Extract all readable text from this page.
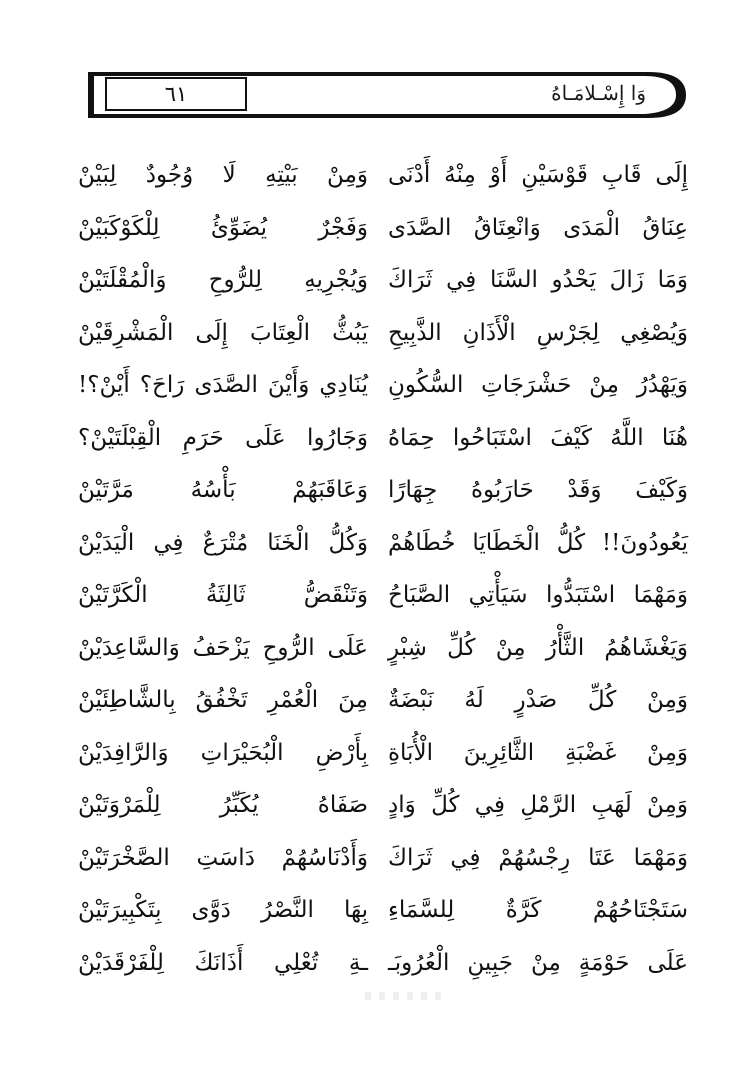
وَا إِسْـلامَـاهُ
٦١
إِلَى قَابِ قَوْسَيْنِ أَوْ مِنْهُ أَدْنَى
وَمِنْ بَيْتِهِ لَا وُجُودٌ لِبَيْنْ
عِنَاقُ الْمَدَى وَانْعِتَاقُ الصَّدَى
وَفَجْرٌ يُضَوِّئُ لِلْكَوْكَبَيْنْ
وَمَا زَالَ يَحْدُو السَّنَا فِي ثَرَاكَ
وَيُجْرِيهِ لِلرُّوحِ وَالْمُقْلَتَيْنْ
وَيُصْغِي لِجَرْسِ الْأَذَانِ الذَّبِيحِ
يَبُثُّ الْعِتَابَ إِلَى الْمَشْرِقَيْنْ
وَيَهْدُرُ مِنْ حَشْرَجَاتِ السُّكُونِ
يُنَادِي وَأَيْنَ الصَّدَى رَاحَ؟ أَيْنْ؟!
هُنَا اللَّهُ كَيْفَ اسْتَبَاحُوا حِمَاهُ
وَجَارُوا عَلَى حَرَمِ الْقِبْلَتَيْنْ؟
وَكَيْفَ وَقَدْ حَارَبُوهُ جِهَارًا
وَعَاقَبَهُمْ بَأْسُهُ مَرَّتَيْنْ
يَعُودُونَ!! كُلُّ الْخَطَايَا خُطَاهُمْ
وَكُلُّ الْخَنَا مُتْرَعٌ فِي الْيَدَيْنْ
وَمَهْمَا اسْتَبَدُّوا سَيَأْتِي الصَّبَاحُ
وَتَنْقَضُّ ثَالِثَةُ الْكَرَّتَيْنْ
وَيَغْشَاهُمُ الثَّأْرُ مِنْ كُلِّ شِبْرٍ
عَلَى الرُّوحِ يَزْحَفُ وَالسَّاعِدَيْنْ
وَمِنْ كُلِّ صَدْرٍ لَهُ نَبْضَةٌ
مِنَ الْعُمْرِ تَخْفُقُ بِالشَّاطِئَيْنْ
وَمِنْ غَضْبَةِ الثَّائِرِينَ الْأُبَاةِ
بِأَرْضِ الْبُحَيْرَاتِ وَالرَّافِدَيْنْ
وَمِنْ لَهَبِ الرَّمْلِ فِي كُلِّ وَادٍ
صَفَاهُ يُكَبِّرُ لِلْمَرْوَتَيْنْ
وَمَهْمَا عَتَا رِجْسُهُمْ فِي ثَرَاكَ
وَأَدْنَاسُهُمْ دَاسَتِ الصَّخْرَتَيْنْ
سَتَجْتَاحُهُمْ كَرَّةٌ لِلسَّمَاءِ
بِهَا النَّصْرُ دَوَّى بِتَكْبِيرَتَيْنْ
عَلَى حَوْمَةٍ مِنْ جَبِينِ الْعُرُوبَـ
ـةِ تُعْلِي أَذَانَكَ لِلْفَرْقَدَيْنْ
